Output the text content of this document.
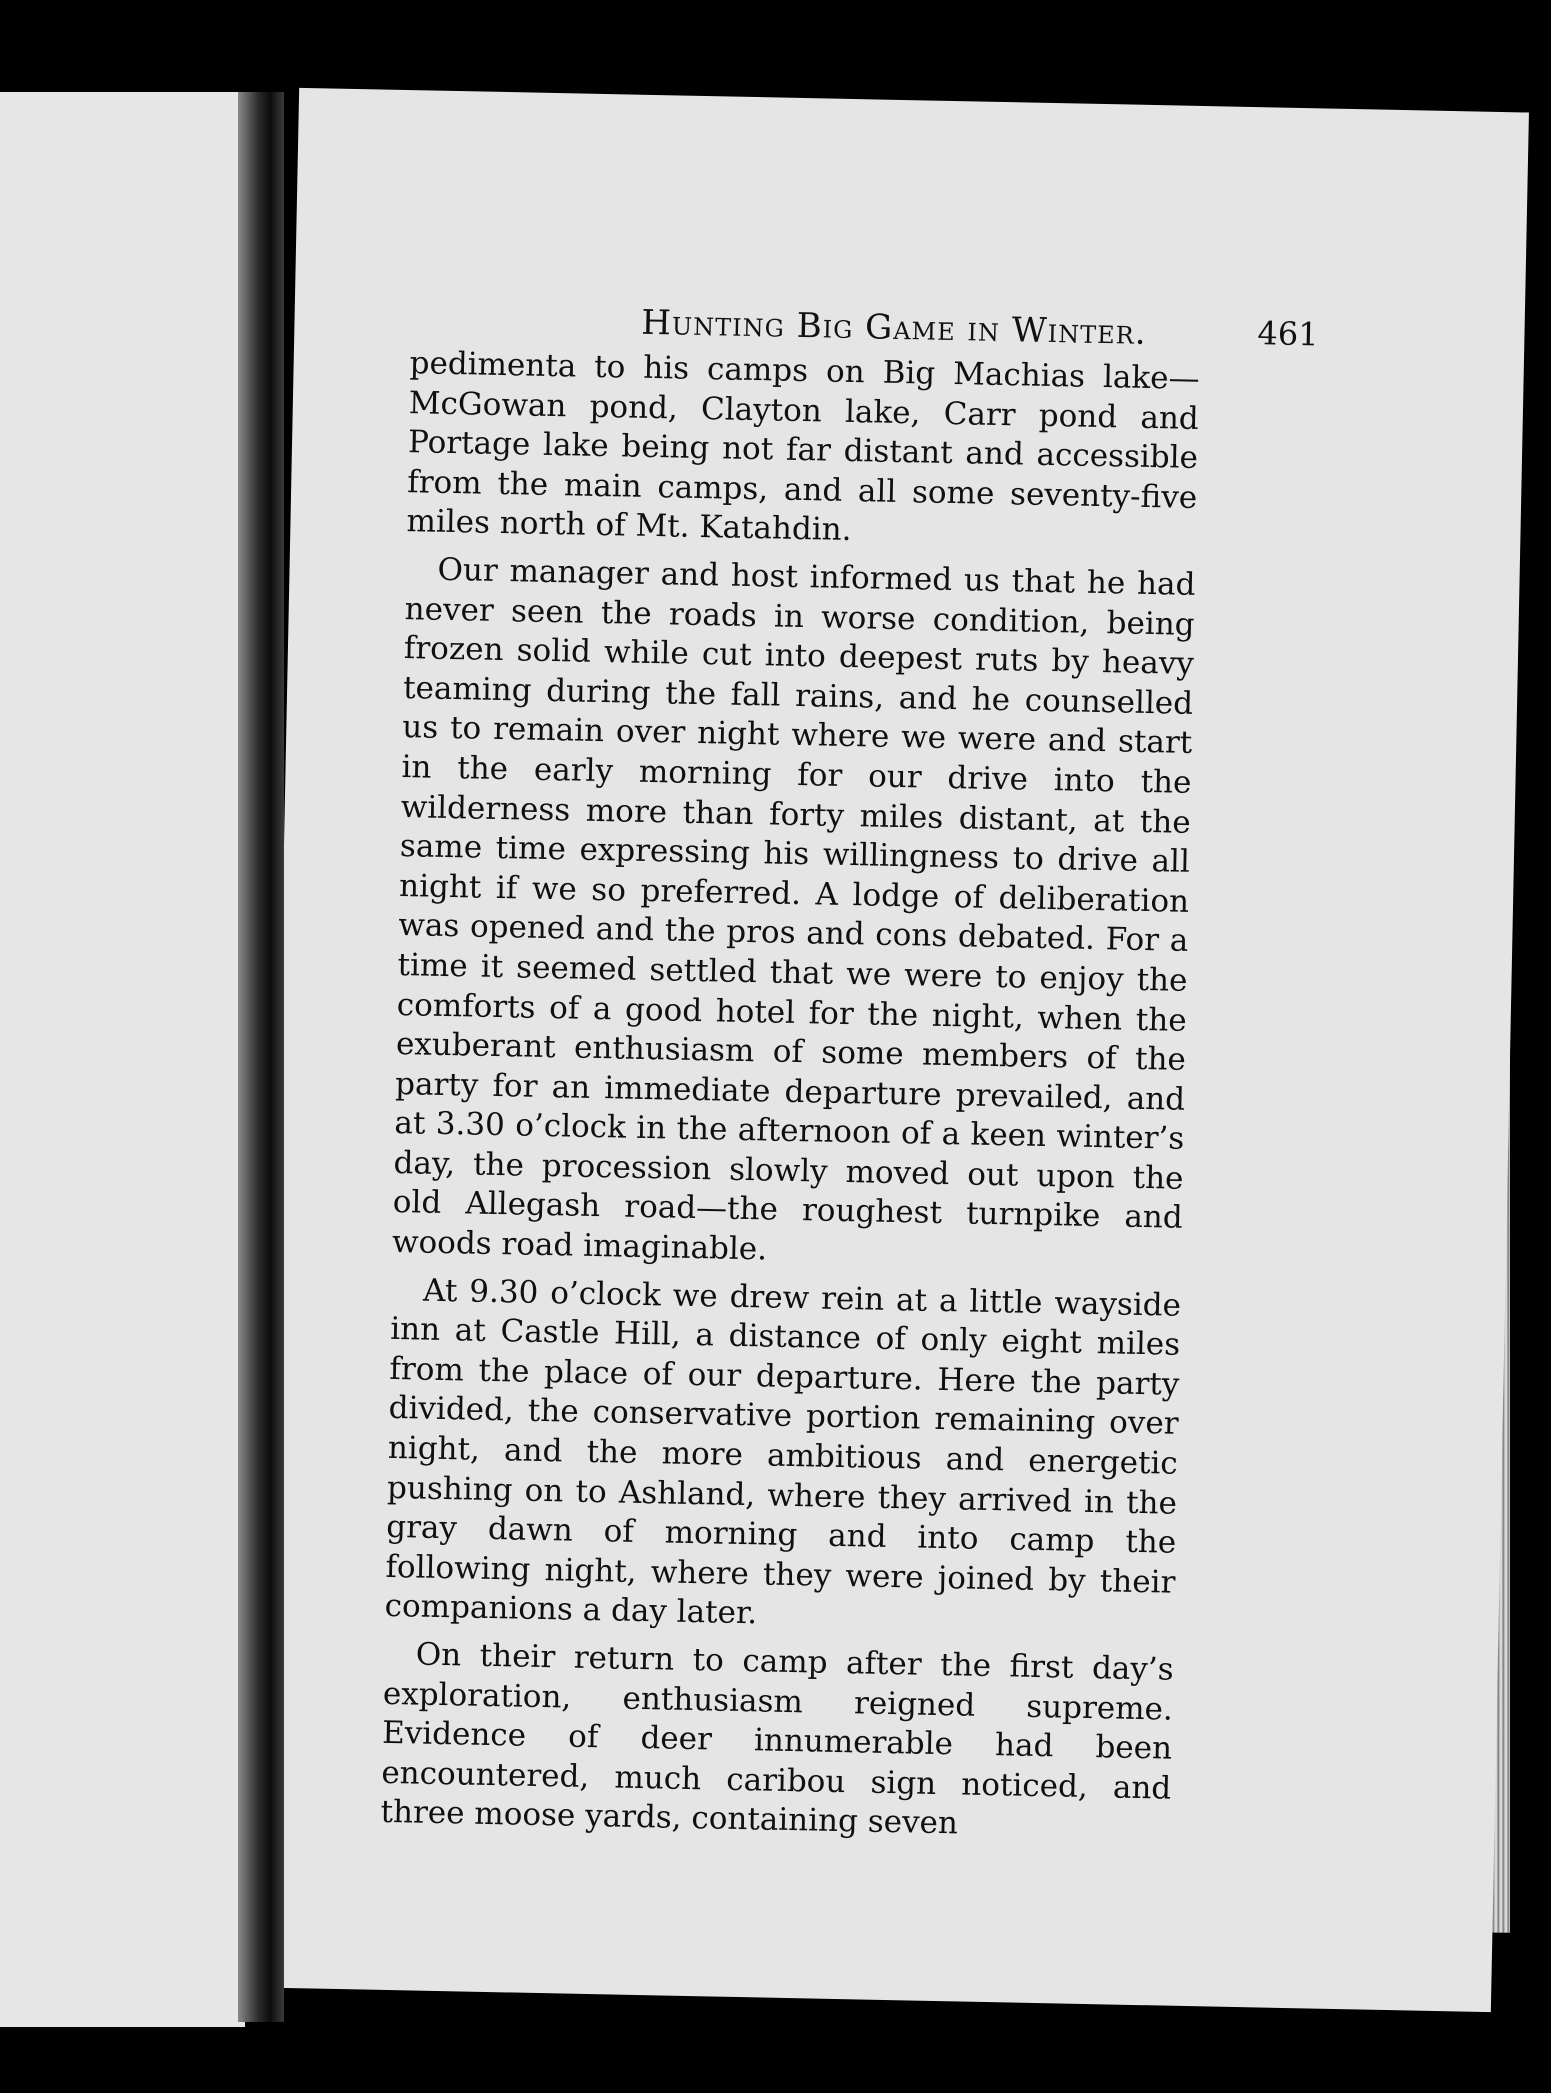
Hunting Big Game in Winter.	461

pedimenta to his camps on Big Machias lake—McGowan pond, Clayton lake, Carr pond and Portage lake being not far distant and accessible from the main camps, and all some seventy-five miles north of Mt. Katahdin.

Our manager and host informed us that he had never seen the roads in worse condition, being frozen solid while cut into deepest ruts by heavy teaming during the fall rains, and he counselled us to remain over night where we were and start in the early morning for our drive into the wilderness more than forty miles distant, at the same time expressing his willingness to drive all night if we so preferred. A lodge of deliberation was opened and the pros and cons debated. For a time it seemed settled that we were to enjoy the comforts of a good hotel for the night, when the exuberant enthusiasm of some members of the party for an immediate departure prevailed, and at 3.30 o’clock in the afternoon of a keen winter’s day, the procession slowly moved out upon the old Allegash road—the roughest turnpike and woods road imaginable.

At 9.30 o’clock we drew rein at a little wayside inn at Castle Hill, a distance of only eight miles from the place of our departure. Here the party divided, the conservative portion remaining over night, and the more ambitious and energetic pushing on to Ashland, where they arrived in the gray dawn of morning and into camp the following night, where they were joined by their companions a day later.

On their return to camp after the first day’s exploration, enthusiasm reigned supreme. Evidence of deer innumerable had been encountered, much caribou sign noticed, and three moose yards, containing seven
